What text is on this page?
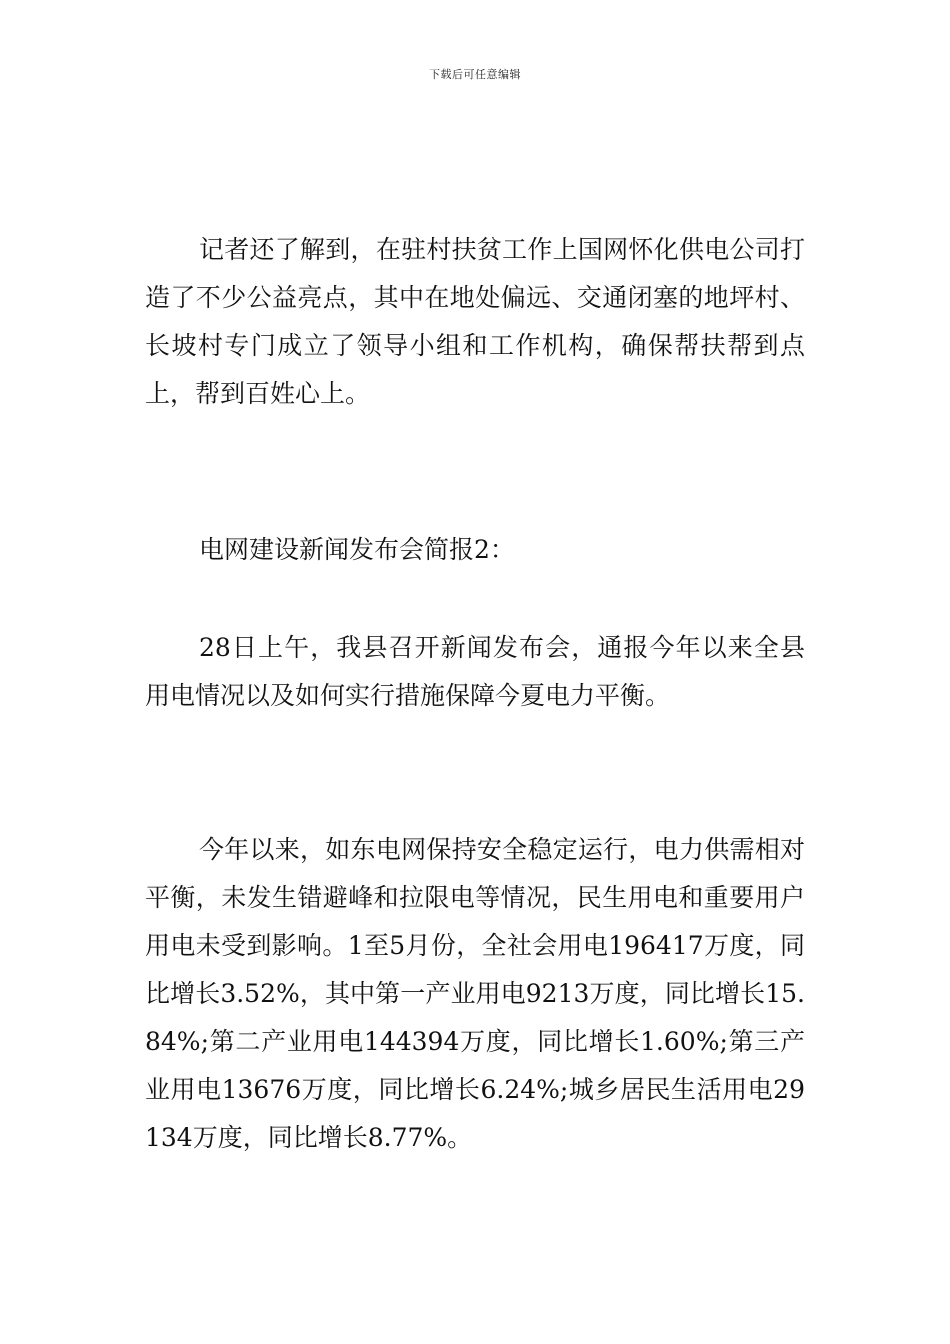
下载后可任意编辑

记者还了解到，在驻村扶贫工作上国网怀化供电公司打造了不少公益亮点，其中在地处偏远、交通闭塞的地坪村、长坡村专门成立了领导小组和工作机构，确保帮扶帮到点上，帮到百姓心上。

电网建设新闻发布会简报2：

28日上午，我县召开新闻发布会，通报今年以来全县用电情况以及如何实行措施保障今夏电力平衡。

今年以来，如东电网保持安全稳定运行，电力供需相对平衡，未发生错避峰和拉限电等情况，民生用电和重要用户用电未受到影响。1至5月份，全社会用电196417万度，同比增长3.52%，其中第一产业用电9213万度，同比增长15.84%;第二产业用电144394万度，同比增长1.60%;第三产业用电13676万度，同比增长6.24%;城乡居民生活用电29134万度，同比增长8.77%。
